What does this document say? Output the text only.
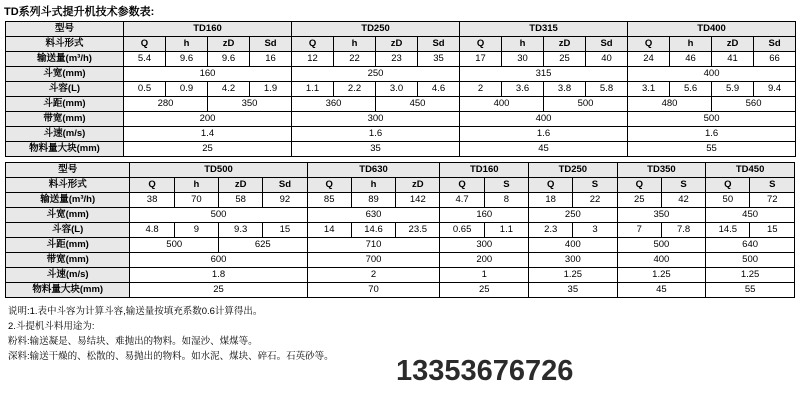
TD系列斗式提升机技术参数表:
型号	TD160				TD250				TD315				TD400			
料斗形式	Q	h	zD	Sd	Q	h	zD	Sd	Q	h	zD	Sd	Q	h	zD	Sd
输送量(m³/h)	5.4	9.6	9.6	16	12	22	23	35	17	30	25	40	24	46	41	66
斗宽(mm)	160				250				315				400			
斗容(L)	0.5	0.9	4.2	1.9	1.1	2.2	3.0	4.6	2	3.6	3.8	5.8	3.1	5.6	5.9	9.4
斗距(mm)	280		350		360		450		400		500		480		560	
带宽(mm)	200				300				400				500			
斗速(m/s)	1.4				1.6				1.6				1.6			
物料量大块(mm)	25				35				45				55			
型号	TD500				TD630			TD160		TD250		TD350		TD450	
料斗形式	Q	h	zD	Sd	Q	h	zD	Q	S	Q	S	Q	S	Q	S
输送量(m³/h)	38	70	58	92	85	89	142	4.7	8	18	22	25	42	50	72
斗宽(mm)	500				630			160		250		350		450	
斗容(L)	4.8	9	9.3	15	14	14.6	23.5	0.65	1.1	2.3	3	7	7.8	14.5	15
斗距(mm)	500		625		710			300		400		500		640	
带宽(mm)	600				700			200		300		400		500	
斗速(m/s)	1.8				2			1		1.25		1.25		1.25	
物料量大块(mm)	25				70			25		35		45		55	
说明:1.表中斗容为计算斗容,输送量按填充系数0.6计算得出。
2.斗提机斗料用途为:
粉料:输送凝是、易结块、难抛出的物料。如湿沙、煤煤等。
深料:输送干燥的、松散的、易抛出的物料。如水泥、煤块、碎石。石英砂等。	13353676726
